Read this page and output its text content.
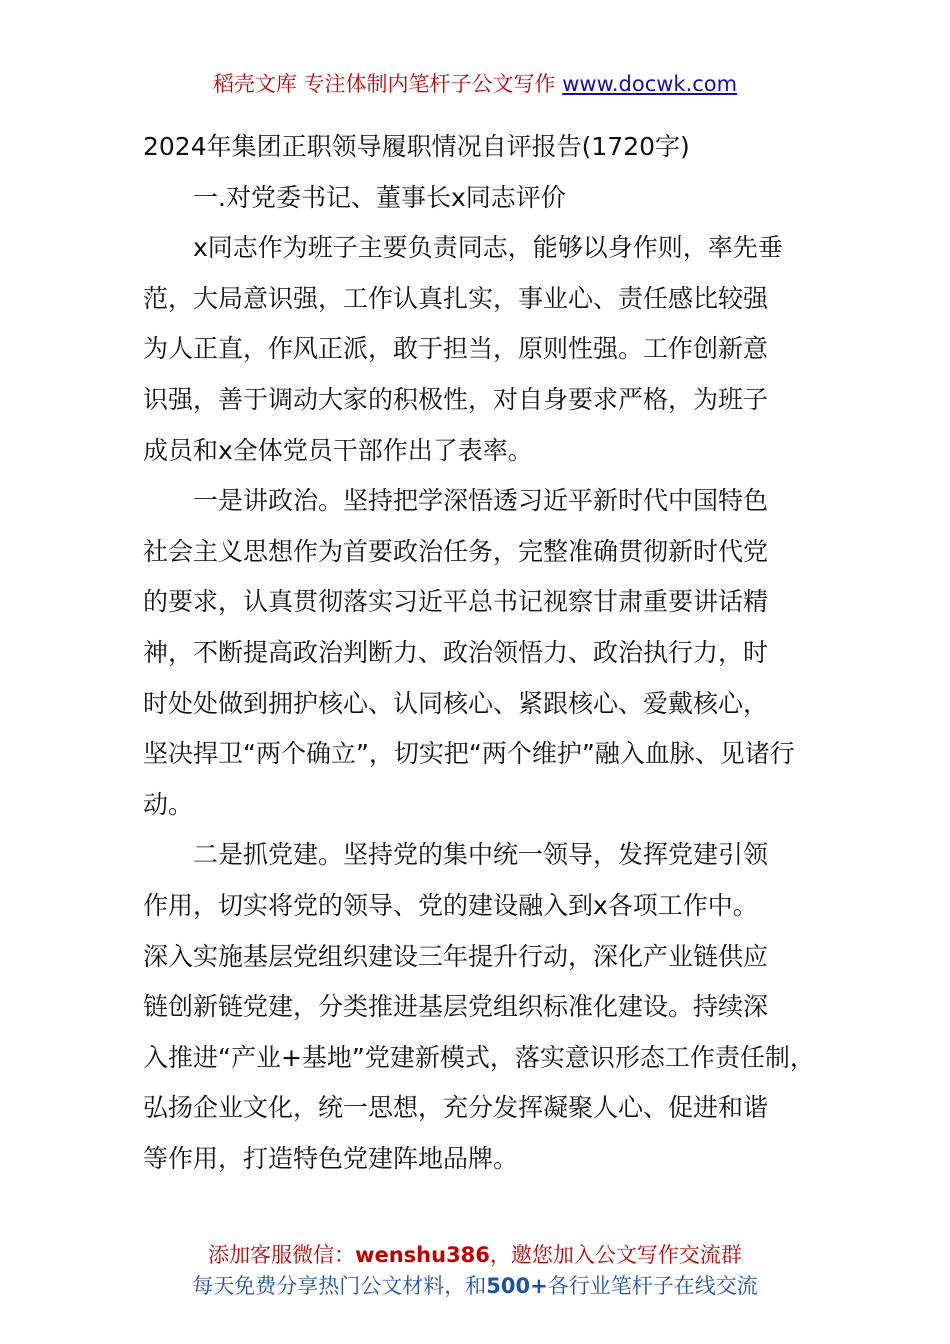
稻壳文库 专注体制内笔杆子公文写作 www.docwk.com

2024年集团正职领导履职情况自评报告(1720字)

一.对党委书记、董事长x同志评价

x同志作为班子主要负责同志，能够以身作则，率先垂
范，大局意识强，工作认真扎实，事业心、责任感比较强
为人正直，作风正派，敢于担当，原则性强。工作创新意
识强，善于调动大家的积极性，对自身要求严格，为班子
成员和x全体党员干部作出了表率。

一是讲政治。坚持把学深悟透习近平新时代中国特色
社会主义思想作为首要政治任务，完整准确贯彻新时代党
的要求，认真贯彻落实习近平总书记视察甘肃重要讲话精
神，不断提高政治判断力、政治领悟力、政治执行力，时
时处处做到拥护核心、认同核心、紧跟核心、爱戴核心，
坚决捍卫“两个确立”，切实把“两个维护”融入血脉、见诸行
动。

二是抓党建。坚持党的集中统一领导，发挥党建引领
作用，切实将党的领导、党的建设融入到x各项工作中。
深入实施基层党组织建设三年提升行动，深化产业链供应
链创新链党建，分类推进基层党组织标准化建设。持续深
入推进“产业+基地”党建新模式，落实意识形态工作责任制，
弘扬企业文化，统一思想，充分发挥凝聚人心、促进和谐
等作用，打造特色党建阵地品牌。

添加客服微信：wenshu386，邀您加入公文写作交流群
每天免费分享热门公文材料，和500+各行业笔杆子在线交流
